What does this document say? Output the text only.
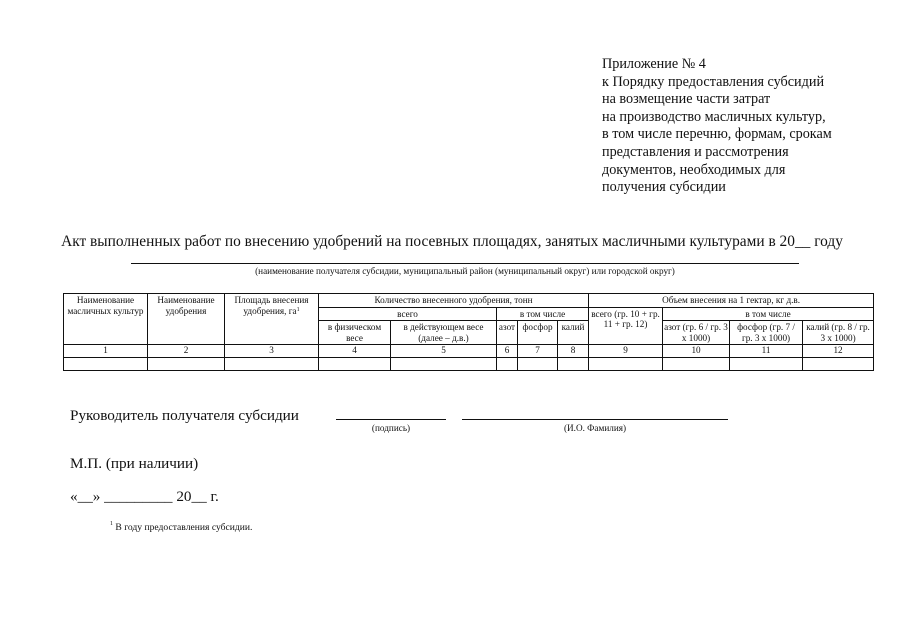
Приложение № 4
к Порядку предоставления субсидий
на возмещение части затрат
на производство масличных культур,
в том числе перечню, формам, срокам
представления и рассмотрения
документов, необходимых для
получения субсидии
Акт выполненных работ по внесению удобрений на посевных площадях, занятых масличными культурами в 20__ году
(наименование получателя субсидии, муниципальный район (муниципальный округ) или городской округ)
Наименование масличных культур	Наименование удобрения	Площадь внесения удобрения, $га^1$	Количество внесенного удобрения, тонн					Объем внесения на 1 гектар, кг д.в.			
			всего		в том числе			всего (гр. 10 + гр. 11 + гр. 12)	в том числе		
			в физическом весе	в действующем весе (далее – д.в.)	азот	фосфор	калий		азот (гр. 6 / гр. 3 х 1000)	фосфор (гр. 7 / гр. 3 х 1000)	калий (гр. 8 / гр. 3 х 1000)
1	2	3	4	5	6	7	8	9	10	11	12

Руководитель получателя субсидии
(подпись)	(И.О. Фамилия)
М.П. (при наличии)
«__» _________ 20__ г.
$^1$ В году предоставления субсидии.
